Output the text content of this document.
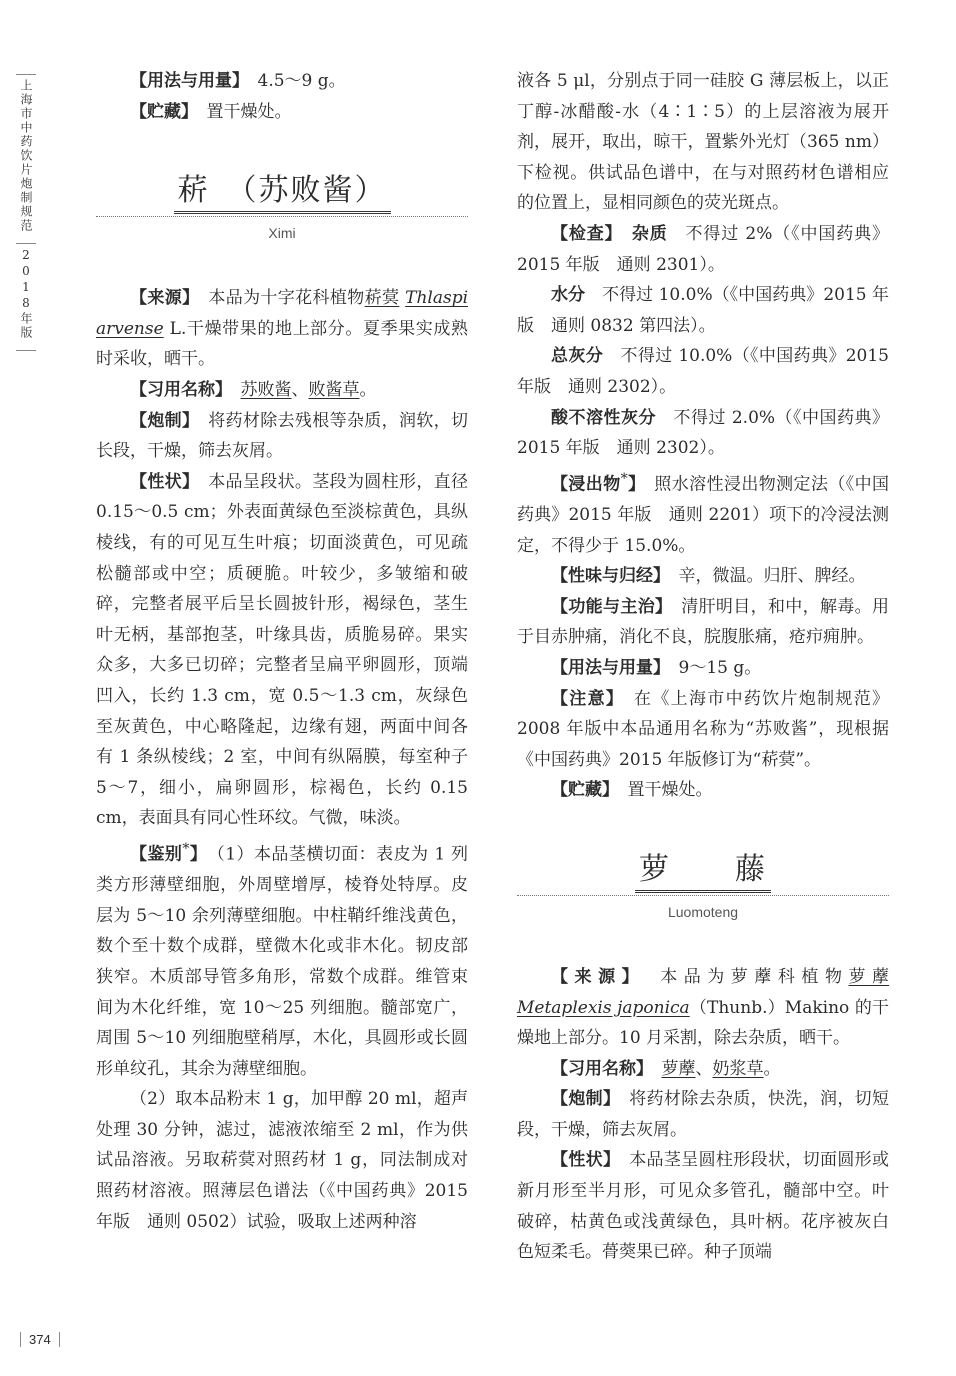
上海市中药饮片炮制规范
2018年版

【用法与用量】　 4.5～9 g。

【贮藏】　 置干燥处。

菥　（苏败酱）
Ximi

【来源】　 本品为十字花科植物菥蓂 Thlaspi arvense L.干燥带果的地上部分。夏季果实成熟时采收，晒干。

【习用名称】　 苏败酱、败酱草。

【炮制】　 将药材除去残根等杂质，润软，切长段，干燥，筛去灰屑。

【性状】　 本品呈段状。茎段为圆柱形，直径 0.15～0.5 cm；外表面黄绿色至淡棕黄色，具纵棱线，有的可见互生叶痕；切面淡黄色，可见疏松髓部或中空；质硬脆。叶较少，多皱缩和破碎，完整者展平后呈长圆披针形，褐绿色，茎生叶无柄，基部抱茎，叶缘具齿，质脆易碎。果实众多，大多已切碎；完整者呈扁平卵圆形，顶端凹入，长约 1.3 cm，宽 0.5～1.3 cm，灰绿色至灰黄色，中心略隆起，边缘有翅，两面中间各有 1 条纵棱线；2 室，中间有纵隔膜，每室种子 5～7，细小，扁卵圆形，棕褐色，长约 0.15 cm，表面具有同心性环纹。气微，味淡。

【鉴别*】　 （1）本品茎横切面：表皮为 1 列类方形薄壁细胞，外周壁增厚，棱脊处特厚。皮层为 5～10 余列薄壁细胞。中柱鞘纤维浅黄色，数个至十数个成群，壁微木化或非木化。韧皮部狭窄。木质部导管多角形，常数个成群。维管束间为木化纤维，宽 10～25 列细胞。髓部宽广，周围 5～10 列细胞壁稍厚，木化，具圆形或长圆形单纹孔，其余为薄壁细胞。

（2）取本品粉末 1 g，加甲醇 20 ml，超声处理 30 分钟，滤过，滤液浓缩至 2 ml，作为供试品溶液。另取菥蓂对照药材 1 g，同法制成对照药材溶液。照薄层色谱法（《中国药典》2015 年版　通则 0502）试验，吸取上述两种溶

液各 5 μl，分别点于同一硅胶 G 薄层板上，以正丁醇-冰醋酸-水（4∶1∶5）的上层溶液为展开剂，展开，取出，晾干，置紫外光灯（365 nm）下检视。供试品色谱中，在与对照药材色谱相应的位置上，显相同颜色的荧光斑点。

【检查】　 杂质　 不得过 2%（《中国药典》2015 年版　通则 2301）。

水分　 不得过 10.0%（《中国药典》2015 年版　通则 0832 第四法）。

总灰分　 不得过 10.0%（《中国药典》2015 年版　通则 2302）。

酸不溶性灰分　 不得过 2.0%（《中国药典》2015 年版　通则 2302）。

【浸出物*】　 照水溶性浸出物测定法（《中国药典》2015 年版　通则 2201）项下的冷浸法测定，不得少于 15.0%。

【性味与归经】　 辛，微温。归肝、脾经。

【功能与主治】　 清肝明目，和中，解毒。用于目赤肿痛，消化不良，脘腹胀痛，疮疖痈肿。

【用法与用量】　 9～15 g。

【注意】　 在《上海市中药饮片炮制规范》2008 年版中本品通用名称为“苏败酱”，现根据《中国药典》2015 年版修订为“菥蓂”。

【贮藏】　 置干燥处。

萝　　藤
Luomoteng

【来源】　 本品为萝藦科植物萝藦 Metaplexis japonica（Thunb.）Makino 的干燥地上部分。10 月采割，除去杂质，晒干。

【习用名称】　 萝藦、奶浆草。

【炮制】　 将药材除去杂质，快洗，润，切短段，干燥，筛去灰屑。

【性状】　 本品茎呈圆柱形段状，切面圆形或新月形至半月形，可见众多管孔，髓部中空。叶破碎，枯黄色或浅黄绿色，具叶柄。花序被灰白色短柔毛。蓇葖果已碎。种子顶端

374
